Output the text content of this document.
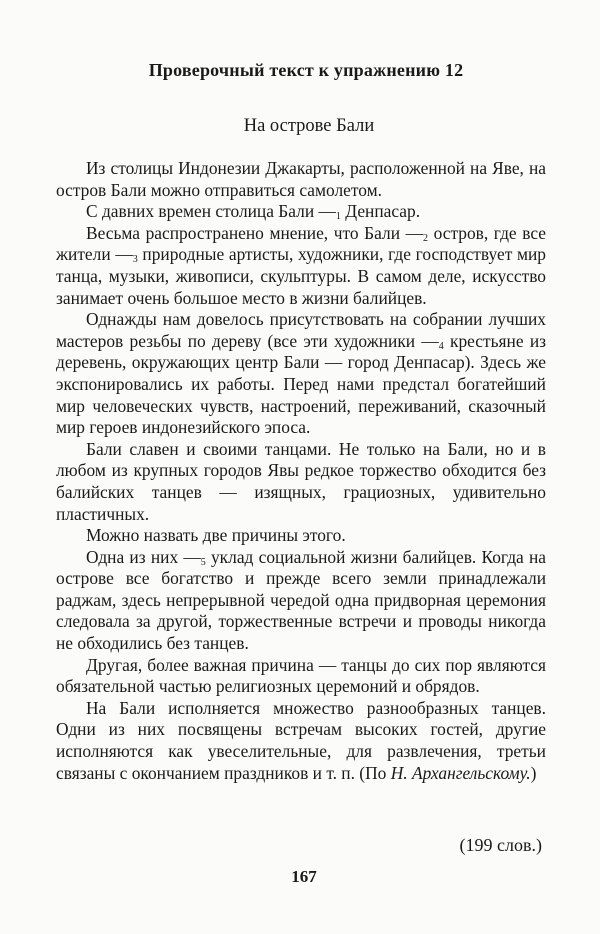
Проверочный текст к упражнению 12
На острове Бали

Из столицы Индонезии Джакарты, расположенной на Яве, на остров Бали можно отправиться самолетом.

С давних времен столица Бали $—_1$ Денпасар.

Весьма распространено мнение, что Бали $—_2$ остров, где все жители $—_3$ природные артисты, художники, где господствует мир танца, музыки, живописи, скульптуры. В самом деле, искусство занимает очень большое место в жизни балийцев.

Однажды нам довелось присутствовать на собрании лучших мастеров резьбы по дереву (все эти художники $—_4$ крестьяне из деревень, окружающих центр Бали — город Денпасар). Здесь же экспонировались их работы. Перед нами предстал богатейший мир человеческих чувств, настроений, переживаний, сказочный мир героев индонезийского эпоса.

Бали славен и своими танцами. Не только на Бали, но и в любом из крупных городов Явы редкое торжество обходится без балийских танцев — изящных, грациозных, удивительно пластичных.

Можно назвать две причины этого.

Одна из них $—_5$ уклад социальной жизни балийцев. Когда на острове все богатство и прежде всего земли принадлежали раджам, здесь непрерывной чередой одна придворная церемония следовала за другой, торжественные встречи и проводы никогда не обходились без танцев.

Другая, более важная причина — танцы до сих пор являются обязательной частью религиозных церемоний и обрядов.

На Бали исполняется множество разнообразных танцев. Одни из них посвящены встречам высоких гостей, другие исполняются как увеселительные, для развлечения, третьи связаны с окончанием праздников и т. п. (По Н. Архангельскому.)

(199 слов.)
167
